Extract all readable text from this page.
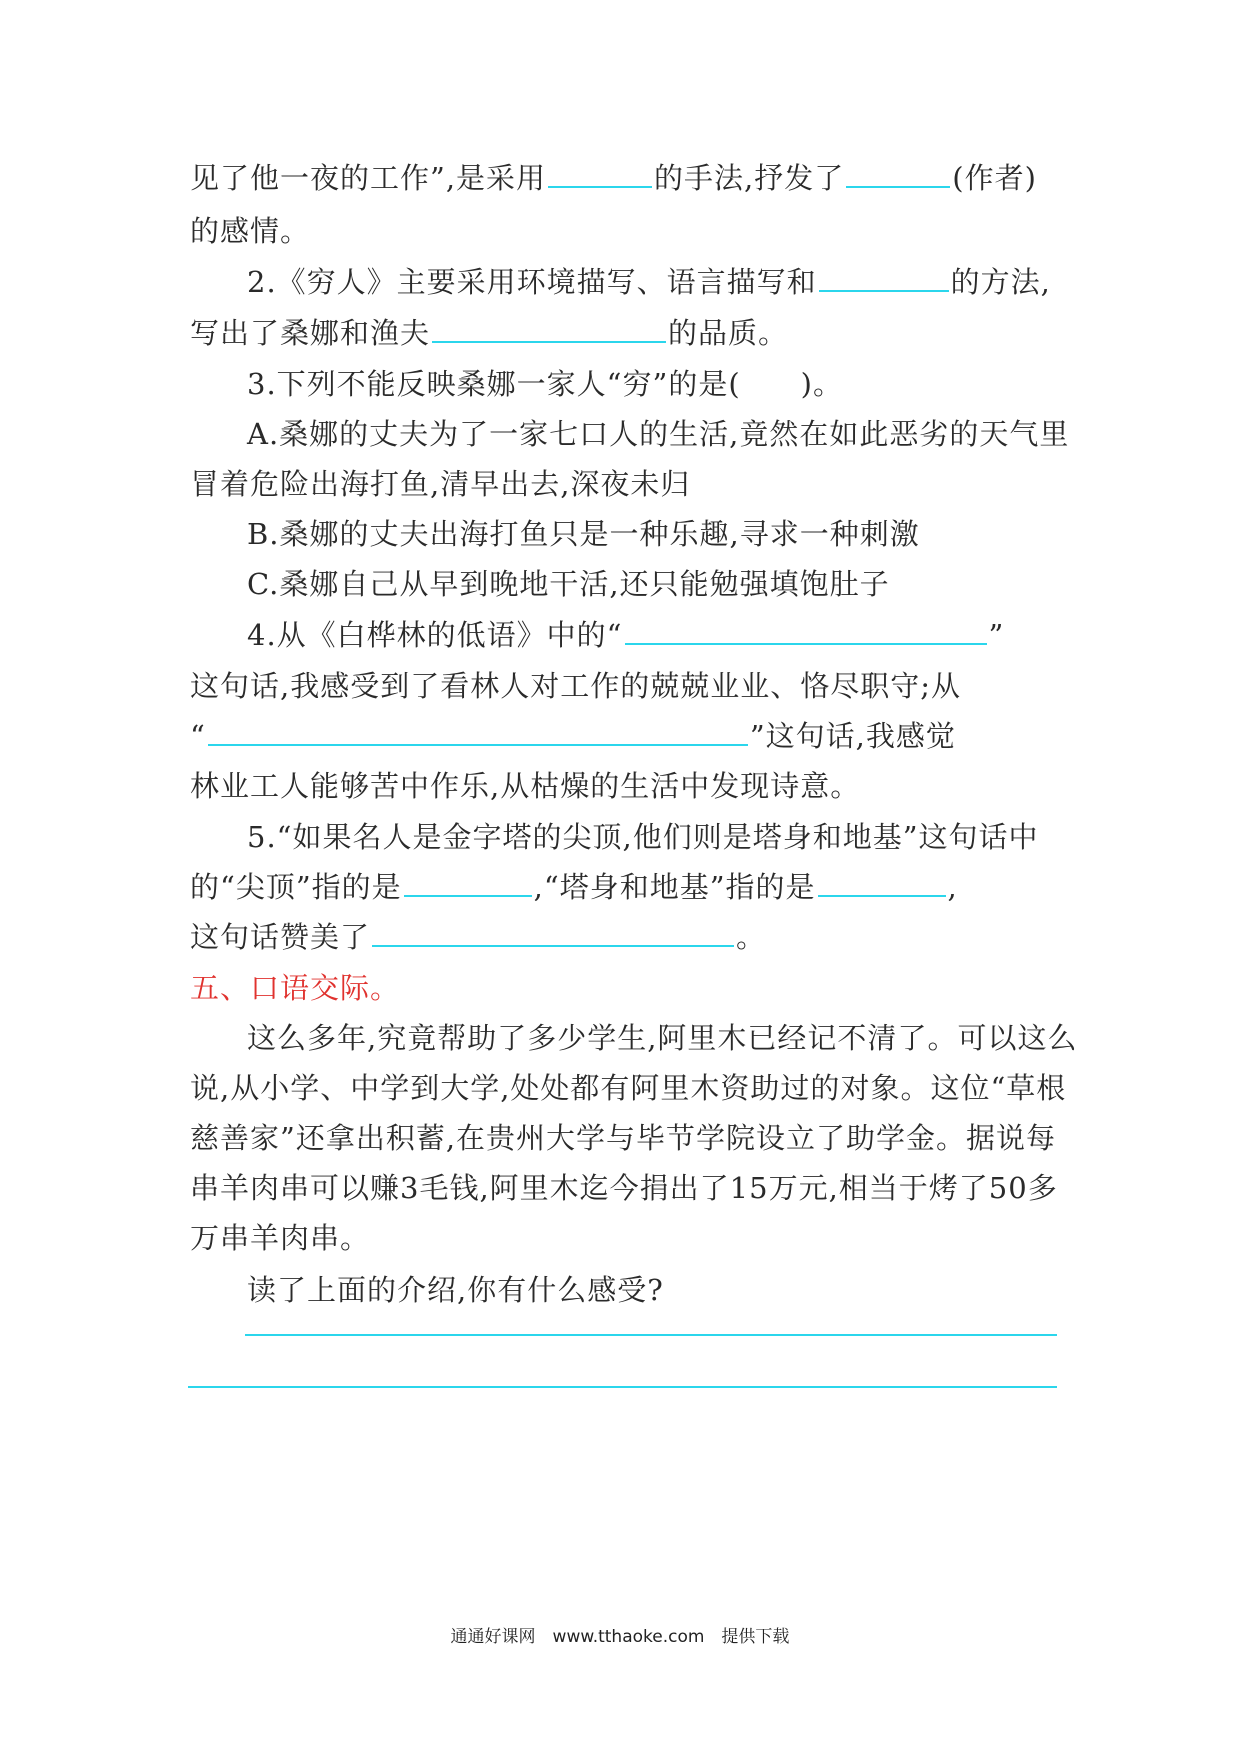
见了他一夜的工作”,是采用	的手法,抒发了	(作者)
的感情。
2.《穷人》主要采用环境描写、语言描写和	的方法,
写出了桑娜和渔夫	的品质。
3.下列不能反映桑娜一家人“穷”的是(　　)。
A.桑娜的丈夫为了一家七口人的生活,竟然在如此恶劣的天气里
冒着危险出海打鱼,清早出去,深夜未归
B.桑娜的丈夫出海打鱼只是一种乐趣,寻求一种刺激
C.桑娜自己从早到晚地干活,还只能勉强填饱肚子
4.从《白桦林的低语》中的“	”
这句话,我感受到了看林人对工作的兢兢业业、恪尽职守;从
“	”这句话,我感觉
林业工人能够苦中作乐,从枯燥的生活中发现诗意。
5.“如果名人是金字塔的尖顶,他们则是塔身和地基”这句话中
的“尖顶”指的是	,“塔身和地基”指的是	,
这句话赞美了	。
五、口语交际。
这么多年,究竟帮助了多少学生,阿里木已经记不清了。可以这么
说,从小学、中学到大学,处处都有阿里木资助过的对象。这位“草根
慈善家”还拿出积蓄,在贵州大学与毕节学院设立了助学金。据说每
串羊肉串可以赚3毛钱,阿里木迄今捐出了15万元,相当于烤了50多
万串羊肉串。
读了上面的介绍,你有什么感受?
通通好课网　www.tthaoke.com　提供下载
